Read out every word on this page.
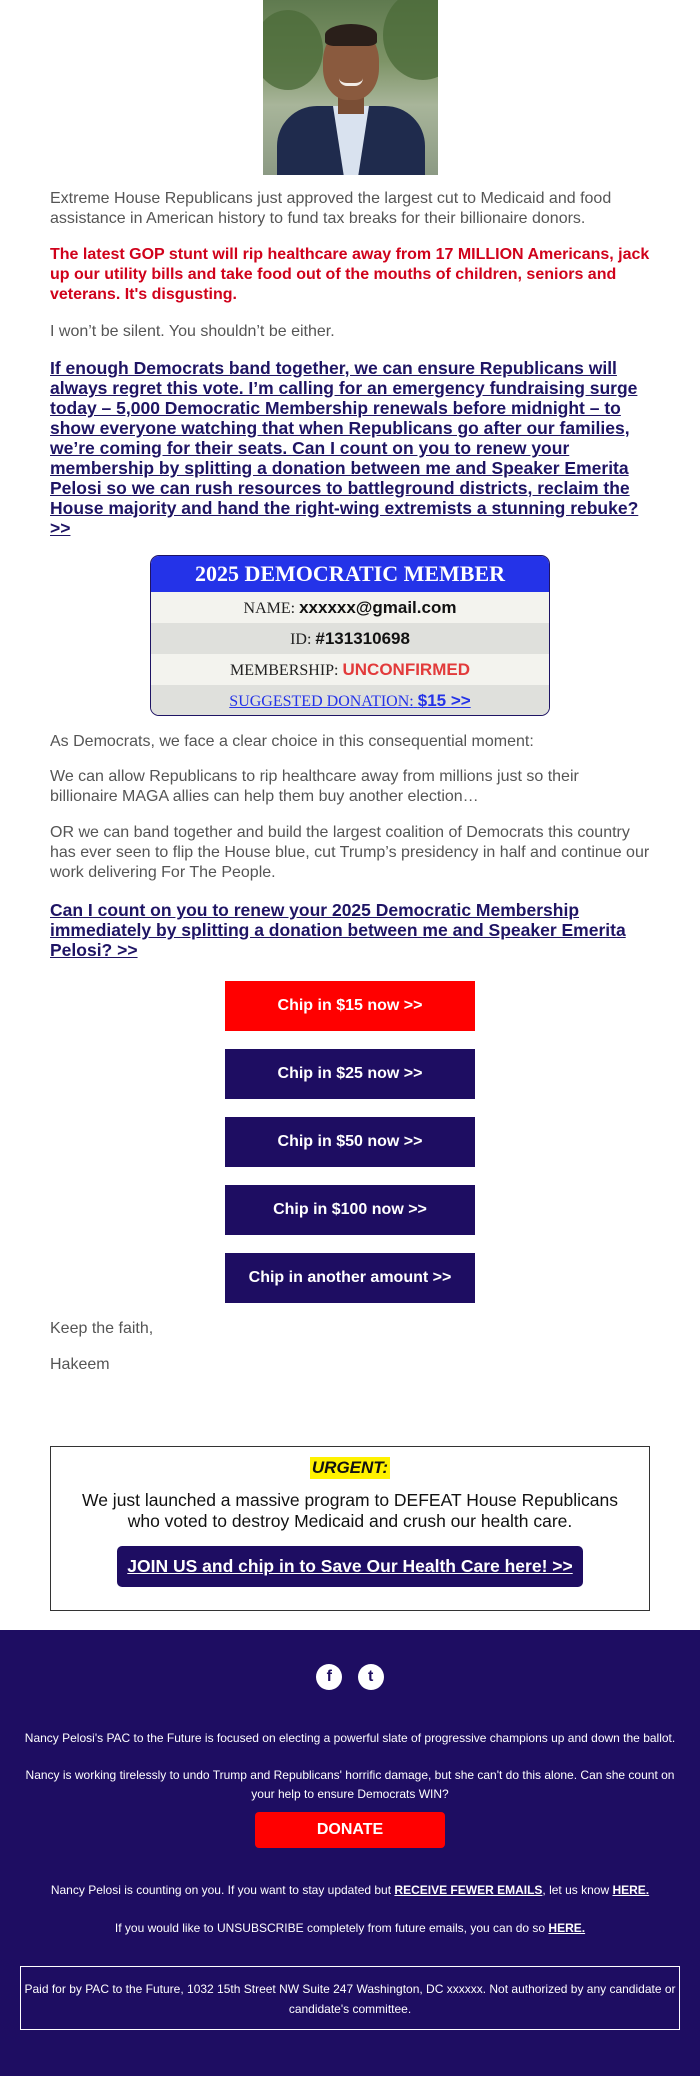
Extreme House Republicans just approved the largest cut to Medicaid and food assistance in American history to fund tax breaks for their billionaire donors.

The latest GOP stunt will rip healthcare away from 17 MILLION Americans, jack up our utility bills and take food out of the mouths of children, seniors and veterans. It's disgusting.

I won’t be silent. You shouldn’t be either.

If enough Democrats band together, we can ensure Republicans will always regret this vote. I’m calling for an emergency fundraising surge today – 5,000 Democratic Membership renewals before midnight – to show everyone watching that when Republicans go after our families, we’re coming for their seats. Can I count on you to renew your membership by splitting a donation between me and Speaker Emerita Pelosi so we can rush resources to battleground districts, reclaim the House majority and hand the right-wing extremists a stunning rebuke? >>
2025 DEMOCRATIC MEMBER
NAME: xxxxxx@gmail.com
ID: #131310698
MEMBERSHIP: UNCONFIRMED
SUGGESTED DONATION: $15 >>

As Democrats, we face a clear choice in this consequential moment:

We can allow Republicans to rip healthcare away from millions just so their billionaire MAGA allies can help them buy another election…

OR we can band together and build the largest coalition of Democrats this country has ever seen to flip the House blue, cut Trump’s presidency in half and continue our work delivering For The People.

Can I count on you to renew your 2025 Democratic Membership immediately by splitting a donation between me and Speaker Emerita Pelosi? >>
Chip in $15 now >>
Chip in $25 now >>
Chip in $50 now >>
Chip in $100 now >>
Chip in another amount >>

Keep the faith,

Hakeem

URGENT:

We just launched a massive program to DEFEAT House Republicans who voted to destroy Medicaid and crush our health care.

JOIN US and chip in to Save Our Health Care here! >>
f t

Nancy Pelosi's PAC to the Future is focused on electing a powerful slate of progressive champions up and down the ballot.

Nancy is working tirelessly to undo Trump and Republicans' horrific damage, but she can't do this alone. Can she count on your help to ensure Democrats WIN?

DONATE

Nancy Pelosi is counting on you. If you want to stay updated but RECEIVE FEWER EMAILS, let us know HERE.

If you would like to UNSUBSCRIBE completely from future emails, you can do so HERE.

Paid for by PAC to the Future, 1032 15th Street NW Suite 247 Washington, DC xxxxxx. Not authorized by any candidate or candidate's committee.
